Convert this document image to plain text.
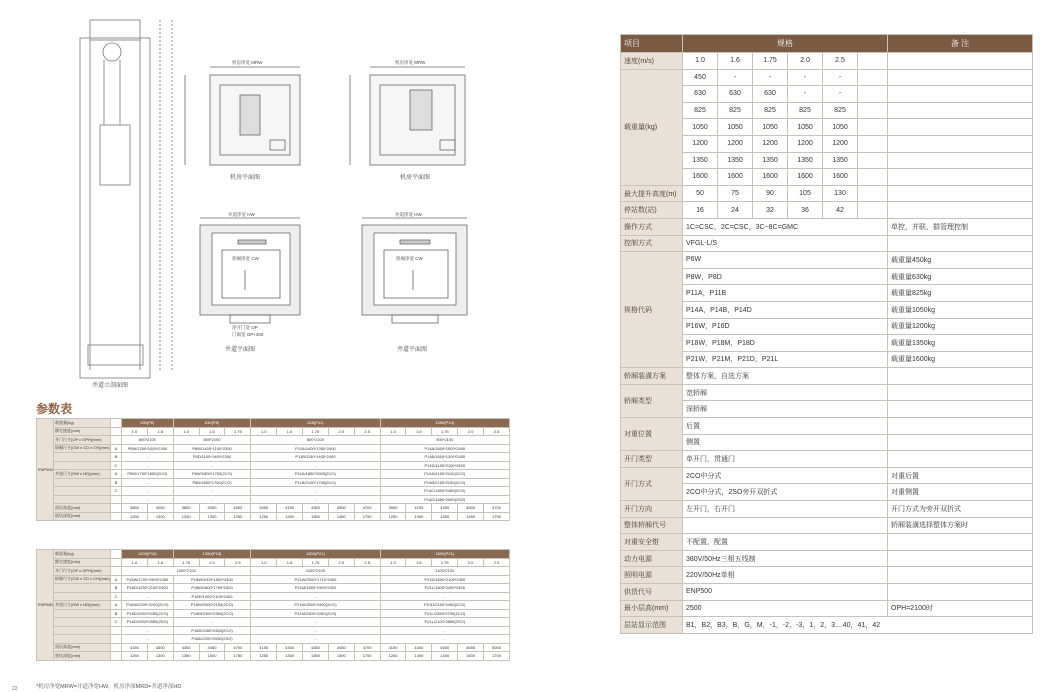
机房净宽 MRW	机房净宽 MRW
井道净宽 HW	井道净宽 HW
轿厢净宽 CW	轿厢净宽 CW
净开门宽 OP
门洞宽 OP+200
井道立剖面图
机房平面图	机房平面图
井道平面图	井道平面图
参数表
ENP500	载重量(kg)		450(P6)		630(P8)			825(P11)					1050(P14)				
	额定速度(m/s)		1.0	1.6	1.0	1.6	1.75	1.0	1.6	1.75	2.0	2.5	1.0	1.6	1.75	2.0	2.5
	开门尺寸(OP x OPH)(mm)		800*2100		800*2100			800*2100					900*2100				
	轿厢尺寸(CW x CD x CH)(mm)	A	P6W/1200*1000*2300		P8W/1400*1100*2300			P11A/1400*1350*2400					P14A/1600*1500*2400				
		B	-		P8D/1100*1400*2300			P11B/1150*1400*2400					P14B/1600*1300*2400				
		C	-		-			-					P14D/1100*2100*2400				
	井道尺寸(HW x HD)(mm)	A	P6W/1750*1650(2CO)		P8W/1800*1750(2CO)			P11A/1850*2000(2CO)					P14A/2150*2100(2CO)				
		B	-		P8D/1800*1750(2CO)			P11B/2100*1750(2CO)					P14B/2150*2150(2CO)				
		C	-		-			-					P14C/1850*2450(2CO)				
			-		-			-					P14D/1850*2550(2SO)				
	顶层高度(mm)		3850	4050	3850	4050	4500	3950	4150	4350	4500	4700	3950	4150	4350	4500	4700
	底坑深度(mm)		1250	1300	1250	1300	1350	1250	1300	1350	1450	1750	1250	1300	1350	1450	1750
ENP580	载重量(kg)		1200(P16)		1350(P18)			1600(P21)					1600(P21)				
	额定速度(m/s)		1.0	1.6	1.75	2.0	2.5	1.0	1.6	1.75	2.0	2.5	1.0	1.6	1.75	2.0	2.5
	开门尺寸(OP x OPH)(mm)		1000*2100					1100*2100					1100*2100				
	轿厢尺寸(CW x CD x CH)(mm)	A	P16W/1700*1500*2400		P18W/2000*1500*2400			P21W/2000*1710*2400					P21D/1600*2100*2400				
		B	P16D/1250*2100*2400		P18M/1800*1750*2400			P21M/1800*1900*2400					P21L/1400*2400*2400				
		C	-		P18D/1400*2100*2400			-					-				
	井道尺寸(HW x HD)(mm)	A	P16W/2200*2200(2CO)		P18W/2500*2150(2CO)			P21W/2500*2400(2CO)					P21D/2150*2450(2CO)				
		B	P16D/2050*2450(2CO)		P18M/2300*2350(2CO)			P21M/2400*2250(2CO)					P21L/2350*2700(2CO)				
		C	P16D/2050*2550(2SO)		-			-					P21L/2100*2850(2SO)				
			-		P18D/2450*2450(2CO)			-					-				
			-		P18D/2200*2550(2SO)			-					-				
	顶层高度(mm)		4150	4300	4350	4450	4700	4150	4300	4350	4450	4700	4150	4400	4500	4650	5000
	底坑深度(mm)		1250	1300	1350	1500	1750	1250	1300	1350	1500	1750	1250	1300	1400	1500	1700
*机房净宽MRW=井道净宽HW，机房净深MRD=井道净深HD
22
项目	规格						备 注
速度(m/s)	1.0	1.6	1.75	2.0	2.5		
载重量(kg)	450	-	-	-	-		
	630	630	630	-	-		
	825	825	825	825	825		
	1050	1050	1050	1050	1050		
	1200	1200	1200	1200	1200		
	1350	1350	1350	1350	1350		
	1600	1600	1600	1600	1600		
最大提升高度(m)	50	75	90	105	130		
停站数(站)	16	24	32	36	42		
操作方式	1C=CSC，2C=CSC，3C~8C=GMC						单控，并联，群管理控制
控制方式	VFGL-L/S						
规格代码	P6W						载重量450kg
	P8W，P8D						载重量630kg
	P11A，P11B						载重量825kg
	P14A，P14B，P14D						载重量1050kg
	P16W，P16D						载重量1200kg
	P18W，P18M，P18D						载重量1350kg
	P21W，P21M，P21D，P21L						载重量1600kg
轿厢装潢方案	整体方案，自选方案						
轿厢类型	宽轿厢						
	深轿厢						
对重位置	后置						
	侧置						
开门类型	单开门，贯通门						
开门方式	2CO中分式						对重后置
	2CO中分式，2SO旁开双折式						对重侧置
开门方向	左开门，右开门						开门方式为旁开双折式
整体轿厢代号							轿厢装潢选择整体方案时
对重安全钳	不配置，配置						
动力电源	380V/50Hz三相五线制						
照明电源	220V/50Hz单相						
供货代号	ENP500						
最小层高(mm)	2500						OPH=2100时
层站显示范围	B1，B2，B3，B，G，M，-1，-2，-3，1，2，3....40，41，42						
